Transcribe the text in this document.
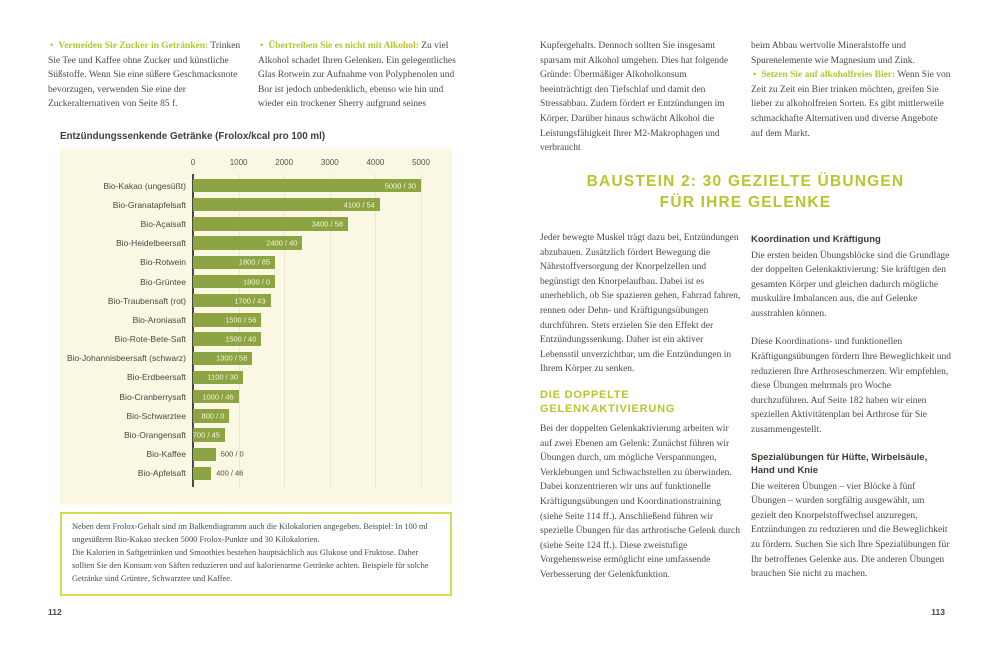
• Vermeiden Sie Zucker in Getränken: Trinken Sie Tee und Kaffee ohne Zucker und künstliche Süßstoffe. Wenn Sie eine süßere Geschmacksnote bevorzugen, verwenden Sie eine der Zuckeralternativen von Seite 85 f.

• Übertreiben Sie es nicht mit Alkohol: Zu viel Alkohol schadet Ihren Gelenken. Ein gelegentliches Glas Rotwein zur Aufnahme von Polyphenolen und Bor ist jedoch unbedenklich, ebenso wie hin und wieder ein trockener Sherry aufgrund seines

Entzündungssenkende Getränke (Frolox/kcal pro 100 ml)
0	1000	2000	3000	4000	5000
Bio-Kakao (ungesüßt)	5000 / 30
Bio-Granatapfelsaft	4100 / 54
Bio-Açaisaft	3400 / 58
Bio-Heidelbeersaft	2400 / 40
Bio-Rotwein	1800 / 85
Bio-Grüntee	1800 / 0
Bio-Traubensaft (rot)	1700 / 43
Bio-Aroniasaft	1500 / 56
Bio-Rote-Bete-Saft	1500 / 40
Bio-Johannisbeersaft (schwarz)	1300 / 58
Bio-Erdbeersaft	1100 / 30
Bio-Cranberrysaft	1000 / 46
Bio-Schwarztee	800 / 0
Bio-Orangensaft 700 / 45
Bio-Kaffee	500 / 0
Bio-Apfelsaft	400 / 46

Neben dem Frolox-Gehalt sind im Balkendiagramm auch die Kilokalorien angegeben. Beispiel: In 100 ml ungesüßtem Bio-Kakao stecken 5000 Frolox-Punkte und 30 Kilokalorien.

Die Kalorien in Saftgetränken und Smoothies bestehen hauptsächlich aus Glukose und Fruktose. Daher sollten Sie den Konsum von Säften reduzieren und auf kalorienarme Getränke achten. Beispiele für solche Getränke sind Grüntee, Schwarztee und Kaffee.

112

Kupfergehalts. Dennoch sollten Sie insgesamt sparsam mit Alkohol umgehen. Dies hat folgende Gründe: Übermäßiger Alkoholkonsum beeinträchtigt den Tiefschlaf und damit den Stressabbau. Zudem fördert er Entzündungen im Körper. Darüber hinaus schwächt Alkohol die Leistungsfähigkeit Ihrer M2-Makrophagen und verbraucht

beim Abbau wertvolle Mineralstoffe und Spurenelemente wie Magnesium und Zink.

• Setzen Sie auf alkoholfreies Bier: Wenn Sie von Zeit zu Zeit ein Bier trinken möchten, greifen Sie lieber zu alkoholfreien Sorten. Es gibt mittlerweile schmackhafte Alternativen und diverse Angebote auf dem Markt.

BAUSTEIN 2: 30 GEZIELTE ÜBUNGEN
FÜR IHRE GELENKE

Jeder bewegte Muskel trägt dazu bei, Entzündungen abzubauen. Zusätzlich fördert Bewegung die Nährstoffversorgung der Knorpelzellen und begünstigt den Knorpelaufbau. Dabei ist es unerheblich, ob Sie spazieren gehen, Fahrrad fahren, rennen oder Dehn- und Kräftigungsübungen durchführen. Stets erzielen Sie den Effekt der Entzündungssenkung. Daher ist ein aktiver Lebensstil unverzichtbar, um die Entzündungen in Ihrem Körper zu senken.

DIE DOPPELTE GELENKAKTIVIERUNG

Bei der doppelten Gelenkaktivierung arbeiten wir auf zwei Ebenen am Gelenk: Zunächst führen wir Übungen durch, um mögliche Verspannungen, Verklebungen und Schwachstellen zu überwinden. Dabei konzentrieren wir uns auf funktionelle Kräftigungsübungen und Koordinationstraining (siehe Seite 114 ff.). Anschließend führen wir spezielle Übungen für das arthrotische Gelenk durch (siehe Seite 124 ff.). Diese zweistufige Vorgehensweise ermöglicht eine umfassende Verbesserung der Gelenkfunktion.

Koordination und Kräftigung

Die ersten beiden Übungsblöcke sind die Grundlage der doppelten Gelenkaktivierung: Sie kräftigen den gesamten Körper und gleichen dadurch mögliche muskuläre Imbalancen aus, die auf Gelenke ausstrahlen können.

Diese Koordinations- und funktionellen Kräftigungsübungen fördern Ihre Beweglichkeit und reduzieren Ihre Arthroseschmerzen. Wir empfehlen, diese Übungen mehrmals pro Woche durchzuführen. Auf Seite 182 haben wir einen speziellen Aktivitätenplan bei Arthrose für Sie zusammengestellt.

Spezialübungen für Hüfte, Wirbelsäule, Hand und Knie

Die weiteren Übungen – vier Blöcke à fünf Übungen – wurden sorgfältig ausgewählt, um gezielt den Knorpelstoffwechsel anzuregen, Entzündungen zu reduzieren und die Beweglichkeit zu fördern. Suchen Sie sich Ihre Spezialübungen für Ihr betroffenes Gelenke aus. Die anderen Übungen brauchen Sie nicht zu machen.

113
